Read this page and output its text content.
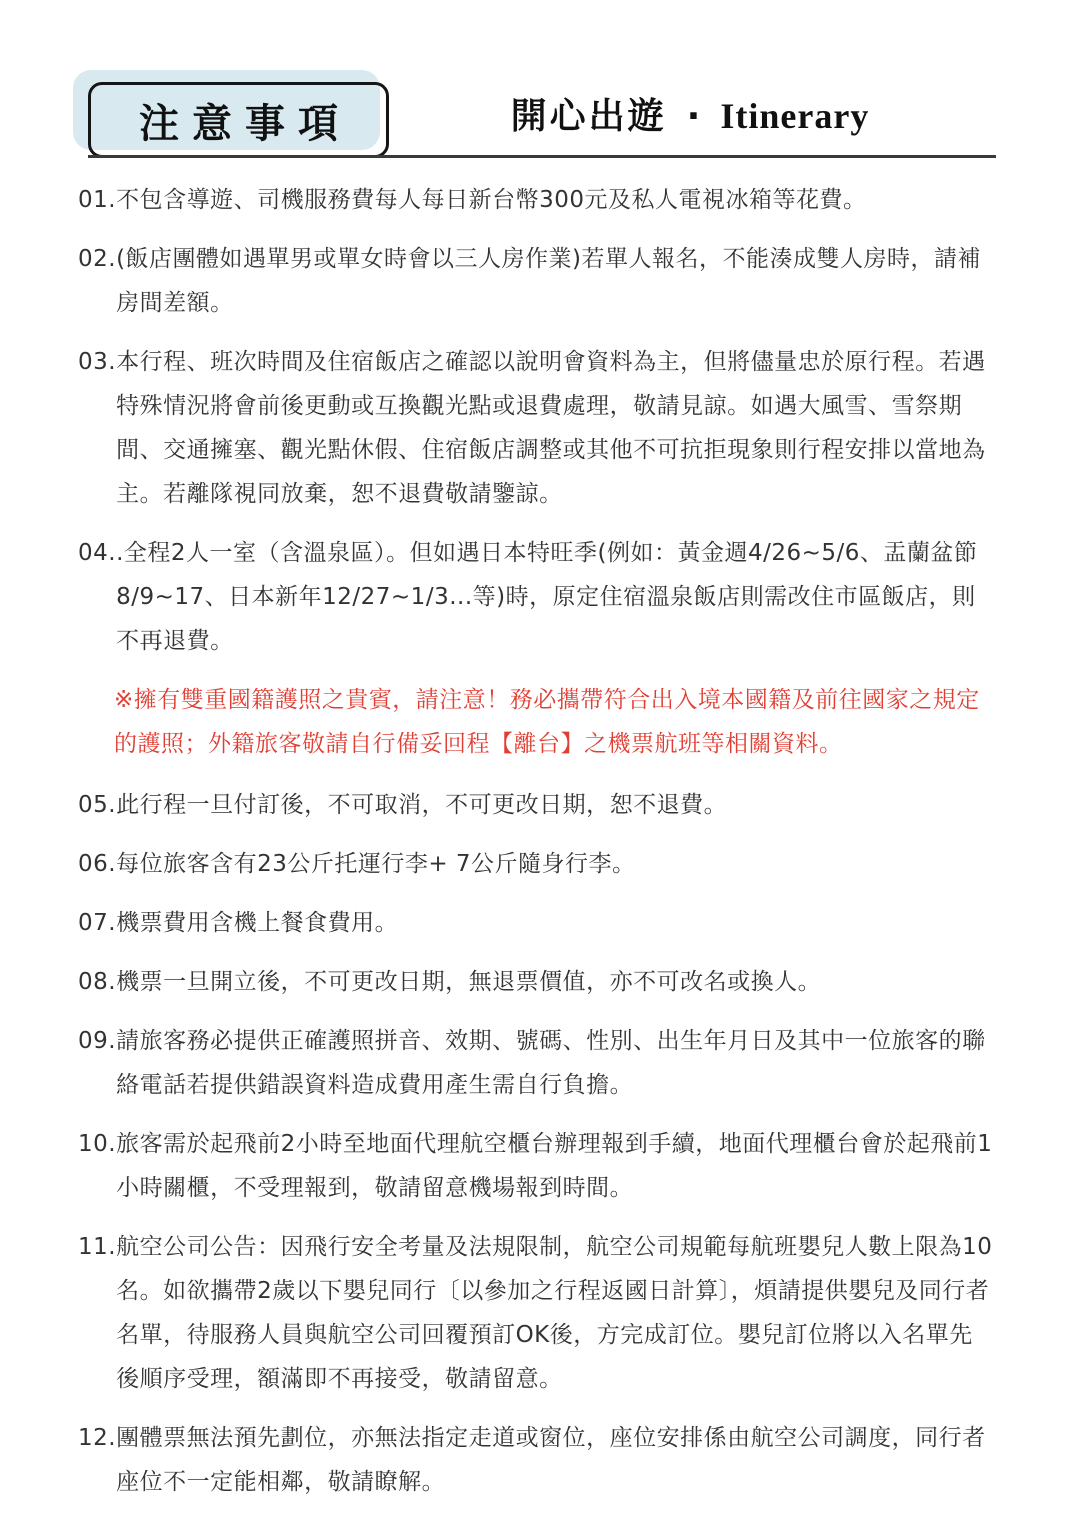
注意事項	開心出遊 · Itinerary
01. 不包含導遊、司機服務費每人每日新台幣300元及私人電視冰箱等花費。
02. (飯店團體如遇單男或單女時會以三人房作業)若單人報名，不能湊成雙人房時，請補房間差額。
03. 本行程、班次時間及住宿飯店之確認以說明會資料為主，但將儘量忠於原行程。若遇特殊情況將會前後更動或互換觀光點或退費處理，敬請見諒。如遇大風雪、雪祭期間、交通擁塞、觀光點休假、住宿飯店調整或其他不可抗拒現象則行程安排以當地為主。若離隊視同放棄，恕不退費敬請鑒諒。
04. .全程2人一室（含溫泉區）。但如遇日本特旺季(例如：黃金週4/26~5/6、盂蘭盆節8/9~17、日本新年12/27~1/3...等)時，原定住宿溫泉飯店則需改住市區飯店，則不再退費。
※擁有雙重國籍護照之貴賓，請注意！務必攜帶符合出入境本國籍及前往國家之規定的護照；外籍旅客敬請自行備妥回程【離台】之機票航班等相關資料。
05. 此行程一旦付訂後，不可取消，不可更改日期，恕不退費。
06. 每位旅客含有23公斤托運行李+ 7公斤隨身行李。
07. 機票費用含機上餐食費用。
08. 機票一旦開立後，不可更改日期，無退票價值，亦不可改名或換人。
09. 請旅客務必提供正確護照拼音、效期、號碼、性別、出生年月日及其中一位旅客的聯絡電話若提供錯誤資料造成費用產生需自行負擔。
10. 旅客需於起飛前2小時至地面代理航空櫃台辦理報到手續，地面代理櫃台會於起飛前1小時關櫃，不受理報到，敬請留意機場報到時間。
11. 航空公司公告：因飛行安全考量及法規限制，航空公司規範每航班嬰兒人數上限為10名。如欲攜帶2歲以下嬰兒同行〔以參加之行程返國日計算〕，煩請提供嬰兒及同行者名單，待服務人員與航空公司回覆預訂OK後，方完成訂位。嬰兒訂位將以入名單先後順序受理，額滿即不再接受，敬請留意。
12. 團體票無法預先劃位，亦無法指定走道或窗位，座位安排係由航空公司調度，同行者座位不一定能相鄰，敬請瞭解。
